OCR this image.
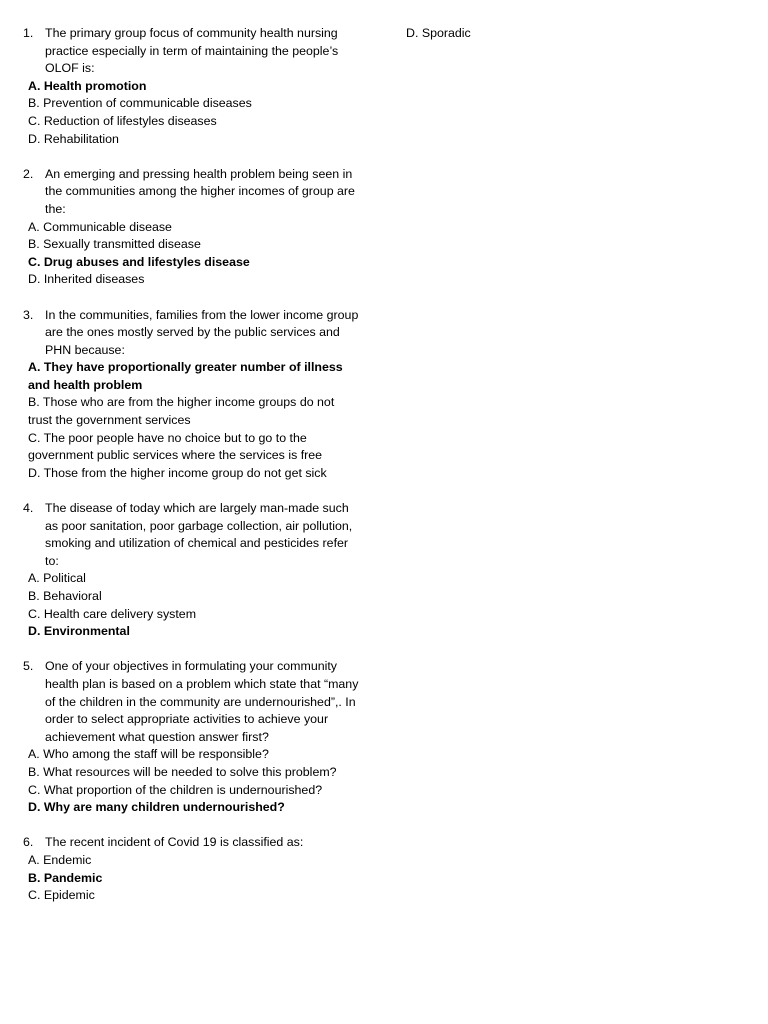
1. The primary group focus of community health nursing practice especially in term of maintaining the people’s OLOF is:
A. Health promotion
B. Prevention of communicable diseases
C. Reduction of lifestyles diseases
D. Rehabilitation
2. An emerging and pressing health problem being seen in the communities among the higher incomes of group are the:
A. Communicable disease
B. Sexually transmitted disease
C. Drug abuses and lifestyles disease
D. Inherited diseases
3. In the communities, families from the lower income group are the ones mostly served by the public services and PHN because:
A. They have proportionally greater number of illness and health problem
B. Those who are from the higher income groups do not trust the government services
C. The poor people have no choice but to go to the government public services where the services is free
D. Those from the higher income group do not get sick
4. The disease of today which are largely man-made such as poor sanitation, poor garbage collection, air pollution, smoking and utilization of chemical and pesticides refer to:
A. Political
B. Behavioral
C. Health care delivery system
D. Environmental
5. One of your objectives in formulating your community health plan is based on a problem which state that “many of the children in the community are undernourished”,. In order to select appropriate activities to achieve your achievement what question answer first?
A. Who among the staff will be responsible?
B. What resources will be needed to solve this problem?
C. What proportion of the children is undernourished?
D. Why are many children undernourished?
6. The recent incident of Covid 19 is classified as:
A. Endemic
B. Pandemic
C. Epidemic
D. Sporadic
